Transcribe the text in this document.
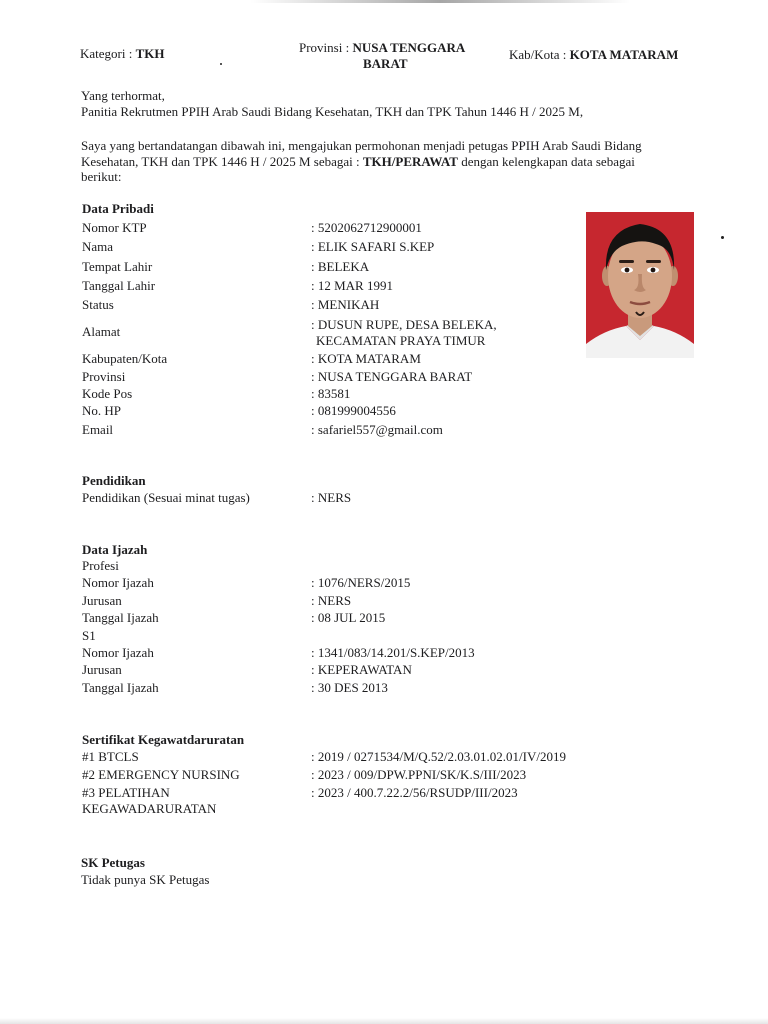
Kategori : TKH	Provinsi : NUSA TENGGARA
BARAT
Kab/Kota : KOTA MATARAM
Yang terhormat,
Panitia Rekrutmen PPIH Arab Saudi Bidang Kesehatan, TKH dan TPK Tahun 1446 H / 2025 M,
Saya yang bertandatangan dibawah ini, mengajukan permohonan menjadi petugas PPIH Arab Saudi Bidang
Kesehatan, TKH dan TPK 1446 H / 2025 M sebagai : TKH/PERAWAT dengan kelengkapan data sebagai
berikut:
Data Pribadi
Nomor KTP	: 5202062712900001
Nama	: ELIK SAFARI S.KEP
Tempat Lahir	: BELEKA
Tanggal Lahir	: 12 MAR 1991
Status	: MENIKAH
Alamat	: DUSUN RUPE, DESA BELEKA,
KECAMATAN PRAYA TIMUR
Kabupaten/Kota	: KOTA MATARAM
Provinsi	: NUSA TENGGARA BARAT
Kode Pos	: 83581
No. HP	: 081999004556
Email	: safariel557@gmail.com
Pendidikan
Pendidikan (Sesuai minat tugas)	: NERS
Data Ijazah
Profesi
Nomor Ijazah	: 1076/NERS/2015
Jurusan	: NERS
Tanggal Ijazah	: 08 JUL 2015
S1
Nomor Ijazah	: 1341/083/14.201/S.KEP/2013
Jurusan	: KEPERAWATAN
Tanggal Ijazah	: 30 DES 2013
Sertifikat Kegawatdaruratan
#1 BTCLS	: 2019 / 0271534/M/Q.52/2.03.01.02.01/IV/2019
#2 EMERGENCY NURSING	: 2023 / 009/DPW.PPNI/SK/K.S/III/2023
#3 PELATIHAN
KEGAWADARURATAN
: 2023 / 400.7.22.2/56/RSUDP/III/2023
SK Petugas
Tidak punya SK Petugas
